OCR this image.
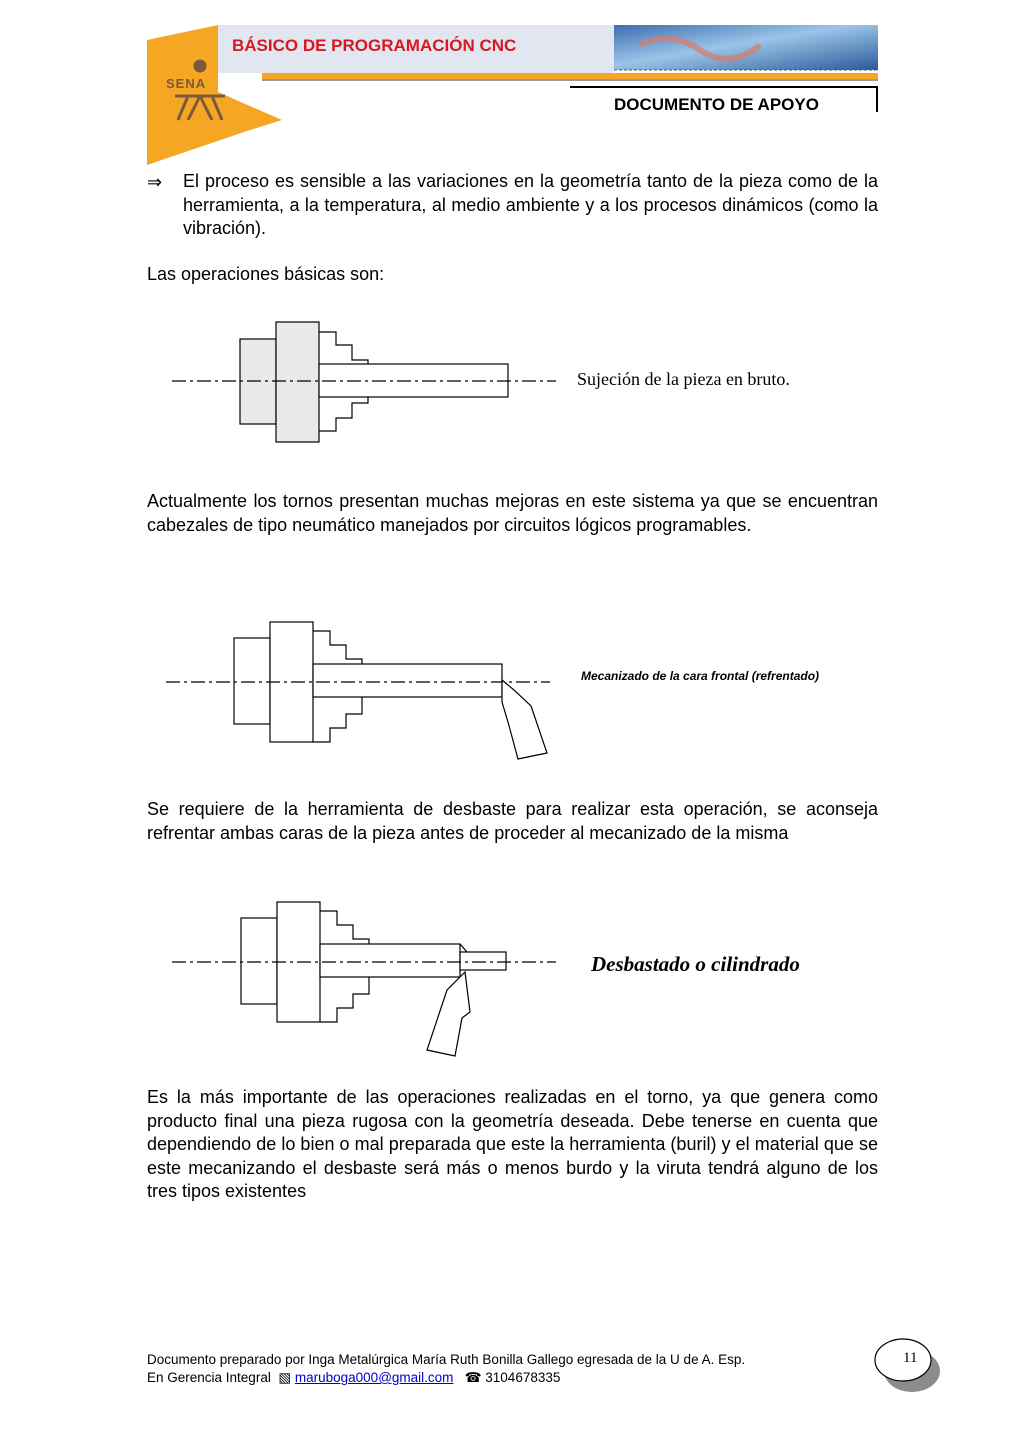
BÁSICO DE PROGRAMACIÓN CNC
DOCUMENTO DE APOYO
SENA
⇒ El proceso es sensible a las variaciones en la geometría tanto de la pieza como de la herramienta, a la temperatura, al medio ambiente y a los procesos dinámicos (como la vibración).
Las operaciones básicas son:
Sujeción de la pieza en bruto.
Actualmente los tornos presentan muchas mejoras en este sistema ya que se encuentran cabezales de tipo neumático manejados por circuitos lógicos programables.
Mecanizado de la cara frontal (refrentado)
Se requiere de la herramienta de desbaste para realizar esta operación, se aconseja refrentar ambas caras de la pieza antes de proceder al mecanizado de la misma
Desbastado o cilindrado
Es la más importante de las operaciones realizadas en el torno, ya que genera como producto final una pieza rugosa con la geometría deseada. Debe tenerse en cuenta que dependiendo de lo bien o mal preparada que este la herramienta (buril) y el material que se este mecanizando el desbaste será más o menos burdo y la viruta tendrá alguno de los tres tipos existentes
Documento preparado por Inga Metalúrgica María Ruth Bonilla Gallego egresada de la U de A. Esp.
En Gerencia Integral ▧ maruboga000@gmail.com ☎ 3104678335
11
